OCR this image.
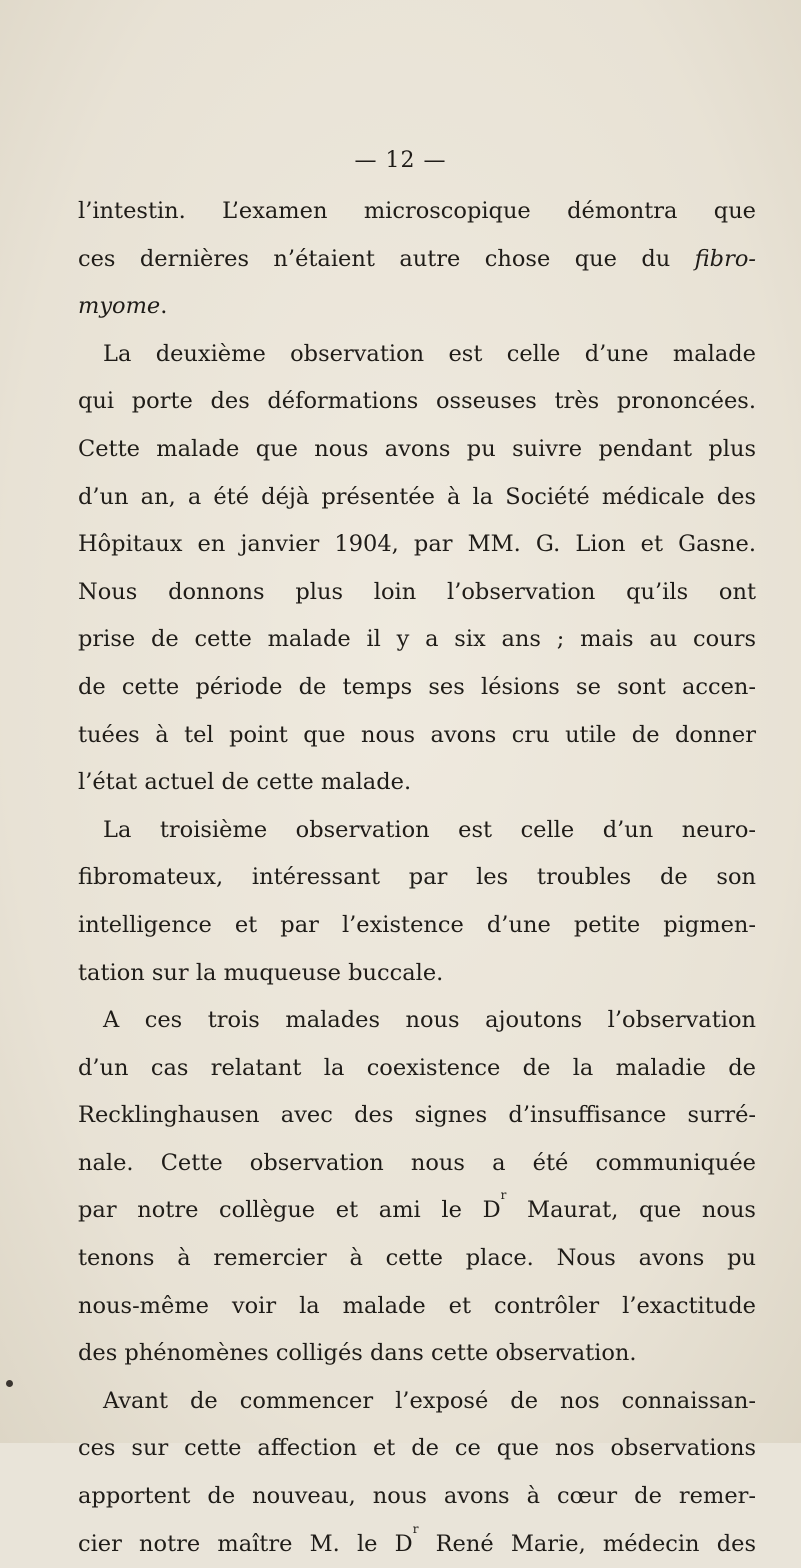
— 12 —
l’intestin. L’examen microscopique démontra que
ces dernières n’étaient autre chose que du fibro-
myome.
La deuxième observation est celle d’une malade
qui porte des déformations osseuses très prononcées.
Cette malade que nous avons pu suivre pendant plus
d’un an, a été déjà présentée à la Société médicale des
Hôpitaux en janvier 1904, par MM. G. Lion et Gasne.
Nous donnons plus loin l’observation qu’ils ont
prise de cette malade il y a six ans ; mais au cours
de cette période de temps ses lésions se sont accen-
tuées à tel point que nous avons cru utile de donner
l’état actuel de cette malade.
La troisième observation est celle d’un neuro-
fibromateux, intéressant par les troubles de son
intelligence et par l’existence d’une petite pigmen-
tation sur la muqueuse buccale.
A ces trois malades nous ajoutons l’observation
d’un cas relatant la coexistence de la maladie de
Recklinghausen avec des signes d’insuffisance surré-
nale. Cette observation nous a été communiquée
par notre collègue et ami le $D^r$ Maurat, que nous
tenons à remercier à cette place. Nous avons pu
nous-même voir la malade et contrôler l’exactitude
des phénomènes colligés dans cette observation.
Avant de commencer l’exposé de nos connaissan-
ces sur cette affection et de ce que nos observations
apportent de nouveau, nous avons à cœur de remer-
cier notre maître M. le $D^r$ René Marie, médecin des
